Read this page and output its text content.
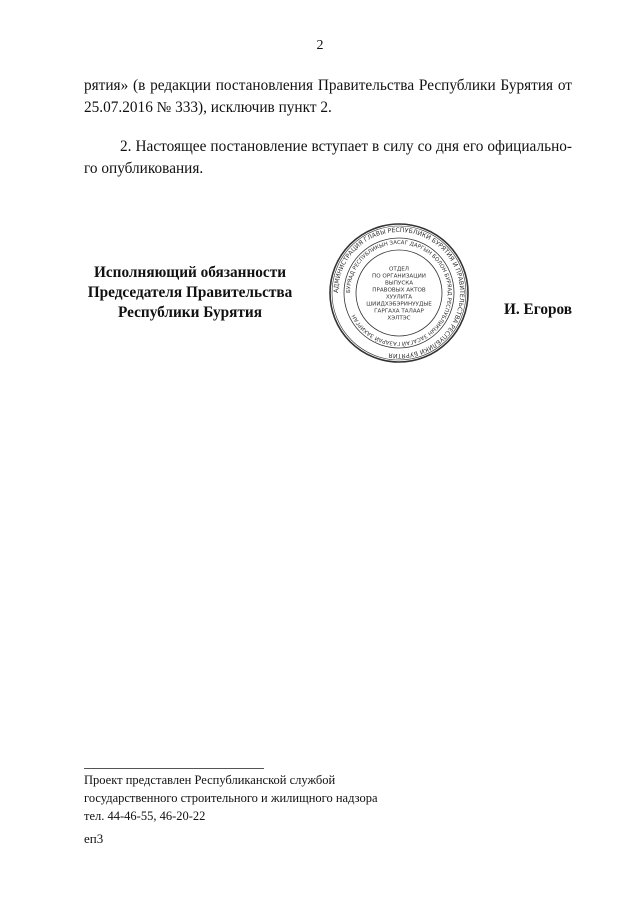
2
рятия» (в редакции постановления Правительства Республики Бурятия от
25.07.2016 № 333), исключив пункт 2.
2. Настоящее постановление вступает в силу со дня его официально-
го опубликования.
Исполняющий обязанности
Председателя Правительства
Республики Бурятия
АДМИНИСТРАЦИЯ ГЛАВЫ РЕСПУБЛИКИ БУРЯТИЯ И ПРАВИТЕЛЬСТВА РЕСПУБЛИКИ БУРЯТИЯ
БУРЯАД РЕСПУБЛИКЫН ЗАСАГ ДАРГЫН БОЛОН БУРЯАД РЕСПУБЛИКЫН ЗАСАГАЙ ГАЗАРАЙ ЗАХИРГАН
ОТДЕЛ
ПО ОРГАНИЗАЦИИ
ВЫПУСКА
ПРАВОВЫХ АКТОВ
ХУУЛИТА
ШИИДХЭБЭРИНУУДЫЕ
ГАРГАХА ТАЛААР
ХЭЛТЭС
И. Егоров
Проект представлен Республиканской службой
государственного строительного и жилищного надзора
тел. 44-46-55, 46-20-22
еп3
